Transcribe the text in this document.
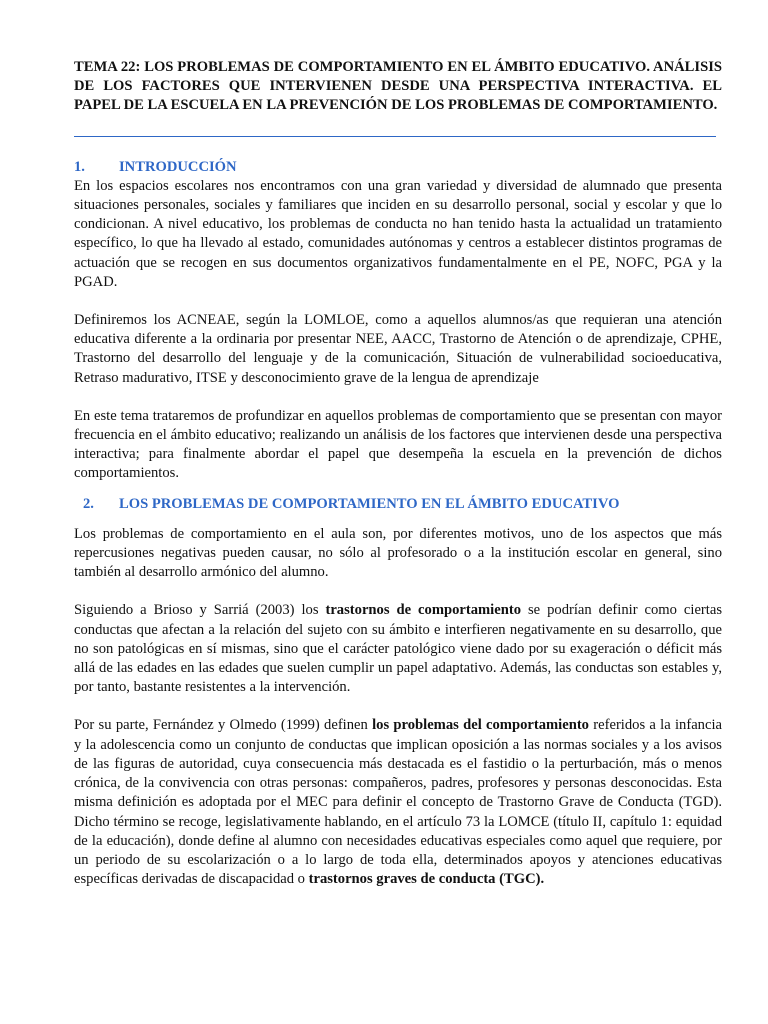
TEMA 22: LOS PROBLEMAS DE COMPORTAMIENTO EN EL ÁMBITO EDUCATIVO. ANÁLISIS DE LOS FACTORES QUE INTERVIENEN DESDE UNA PERSPECTIVA INTERACTIVA. EL PAPEL DE LA ESCUELA EN LA PREVENCIÓN DE LOS PROBLEMAS DE COMPORTAMIENTO.

1.	INTRODUCCIÓN

En los espacios escolares nos encontramos con una gran variedad y diversidad de alumnado que presenta situaciones personales, sociales y familiares que inciden en su desarrollo personal, social y escolar y que lo condicionan. A nivel educativo, los problemas de conducta no han tenido hasta la actualidad un tratamiento específico, lo que ha llevado al estado, comunidades autónomas y centros a establecer distintos programas de actuación que se recogen en sus documentos organizativos fundamentalmente en el PE, NOFC, PGA y la PGAD.

Definiremos los ACNEAE, según la LOMLOE, como a aquellos alumnos/as que requieran una atención educativa diferente a la ordinaria por presentar NEE, AACC, Trastorno de Atención o de aprendizaje, CPHE, Trastorno del desarrollo del lenguaje y de la comunicación, Situación de vulnerabilidad socioeducativa, Retraso madurativo, ITSE y desconocimiento grave de la lengua de aprendizaje

En este tema trataremos de profundizar en aquellos problemas de comportamiento que se presentan con mayor frecuencia en el ámbito educativo; realizando un análisis de los factores que intervienen desde una perspectiva interactiva; para finalmente abordar el papel que desempeña la escuela en la prevención de dichos comportamientos.

2.	LOS PROBLEMAS DE COMPORTAMIENTO EN EL ÁMBITO EDUCATIVO

Los problemas de comportamiento en el aula son, por diferentes motivos, uno de los aspectos que más repercusiones negativas pueden causar, no sólo al profesorado o a la institución escolar en general, sino también al desarrollo armónico del alumno.

Siguiendo a Brioso y Sarriá (2003) los trastornos de comportamiento se podrían definir como ciertas conductas que afectan a la relación del sujeto con su ámbito e interfieren negativamente en su desarrollo, que no son patológicas en sí mismas, sino que el carácter patológico viene dado por su exageración o déficit más allá de las edades en las edades que suelen cumplir un papel adaptativo. Además, las conductas son estables y, por tanto, bastante resistentes a la intervención.

Por su parte, Fernández y Olmedo (1999) definen los problemas del comportamiento referidos a la infancia y la adolescencia como un conjunto de conductas que implican oposición a las normas sociales y a los avisos de las figuras de autoridad, cuya consecuencia más destacada es el fastidio o la perturbación, más o menos crónica, de la convivencia con otras personas: compañeros, padres, profesores y personas desconocidas. Esta misma definición es adoptada por el MEC para definir el concepto de Trastorno Grave de Conducta (TGD). Dicho término se recoge, legislativamente hablando, en el artículo 73 la LOMCE (título II, capítulo 1: equidad de la educación), donde define al alumno con necesidades educativas especiales como aquel que requiere, por un periodo de su escolarización o a lo largo de toda ella, determinados apoyos y atenciones educativas específicas derivadas de discapacidad o trastornos graves de conducta (TGC).
